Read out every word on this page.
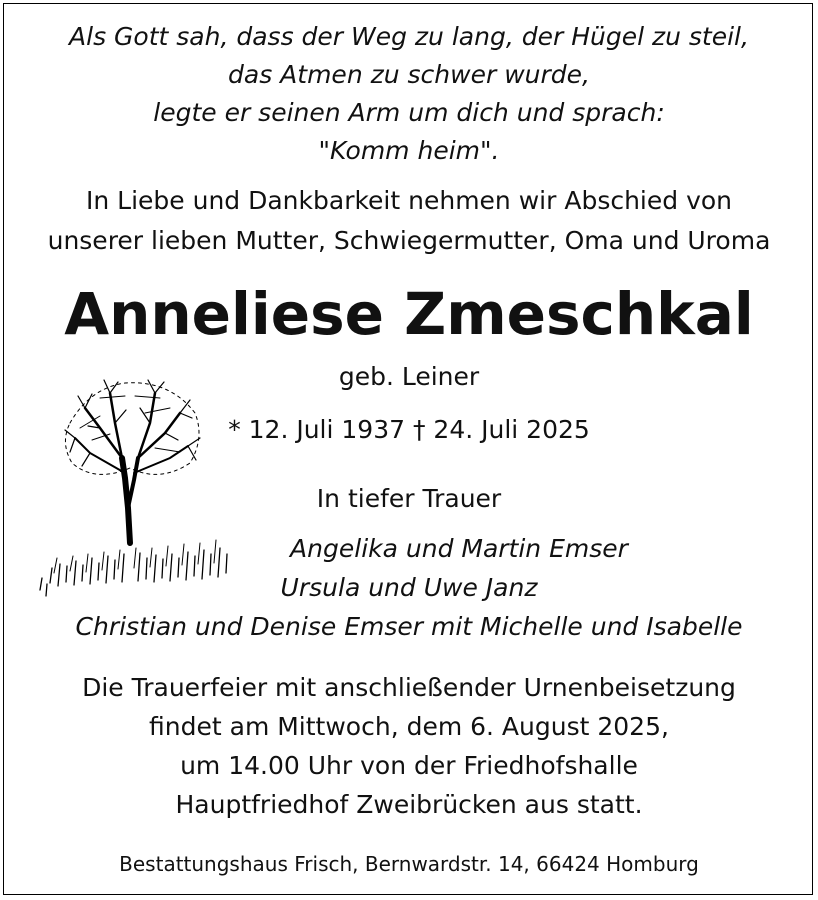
Als Gott sah, dass der Weg zu lang, der Hügel zu steil,
das Atmen zu schwer wurde,
legte er seinen Arm um dich und sprach:
"Komm heim".
In Liebe und Dankbarkeit nehmen wir Abschied von
unserer lieben Mutter, Schwiegermutter, Oma und Uroma
Anneliese Zmeschkal
geb. Leiner
* 12. Juli 1937 † 24. Juli 2025
In tiefer Trauer
Angelika und Martin Emser
Ursula und Uwe Janz
Christian und Denise Emser mit Michelle und Isabelle
Die Trauerfeier mit anschließender Urnenbeisetzung
findet am Mittwoch, dem 6. August 2025,
um 14.00 Uhr von der Friedhofshalle
Hauptfriedhof Zweibrücken aus statt.
Bestattungshaus Frisch, Bernwardstr. 14, 66424 Homburg
